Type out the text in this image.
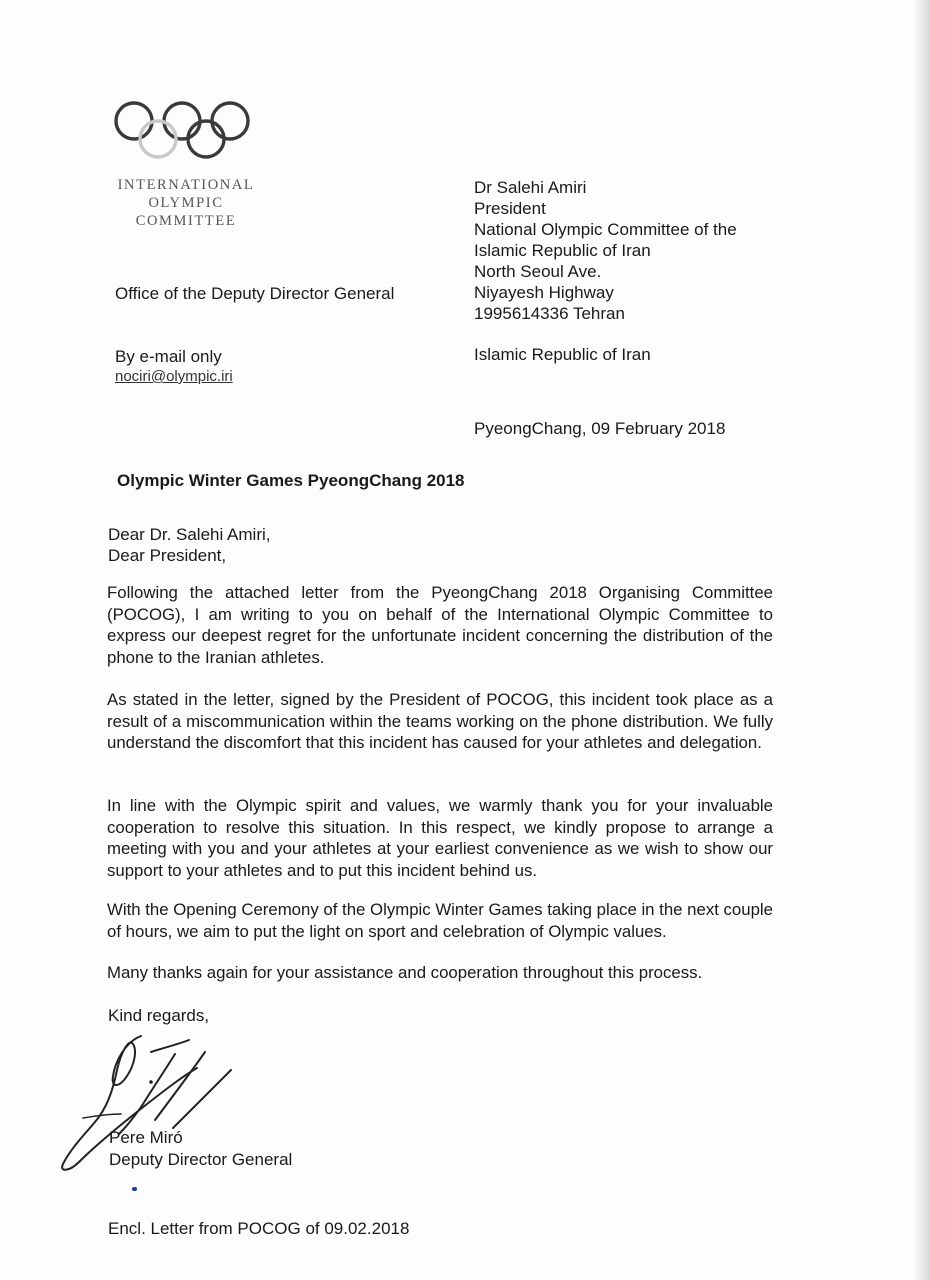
INTERNATIONAL
OLYMPIC
COMMITTEE
Office of the Deputy Director General
By e-mail only
nociri@olympic.iri
Dr Salehi Amiri
President
National Olympic Committee of the
Islamic Republic of Iran
North Seoul Ave.
Niyayesh Highway
1995614336 Tehran
Islamic Republic of Iran
PyeongChang, 09 February 2018
Olympic Winter Games PyeongChang 2018
Dear Dr. Salehi Amiri,
Dear President,

Following the attached letter from the PyeongChang 2018 Organising Committee (POCOG), I am writing to you on behalf of the International Olympic Committee to express our deepest regret for the unfortunate incident concerning the distribution of the phone to the Iranian athletes.

As stated in the letter, signed by the President of POCOG, this incident took place as a result of a miscommunication within the teams working on the phone distribution. We fully understand the discomfort that this incident has caused for your athletes and delegation.

In line with the Olympic spirit and values, we warmly thank you for your invaluable cooperation to resolve this situation. In this respect, we kindly propose to arrange a meeting with you and your athletes at your earliest convenience as we wish to show our support to your athletes and to put this incident behind us.

With the Opening Ceremony of the Olympic Winter Games taking place in the next couple of hours, we aim to put the light on sport and celebration of Olympic values.

Many thanks again for your assistance and cooperation throughout this process.

Kind regards,
Pere Miró
Deputy Director General
Encl. Letter from POCOG of 09.02.2018
